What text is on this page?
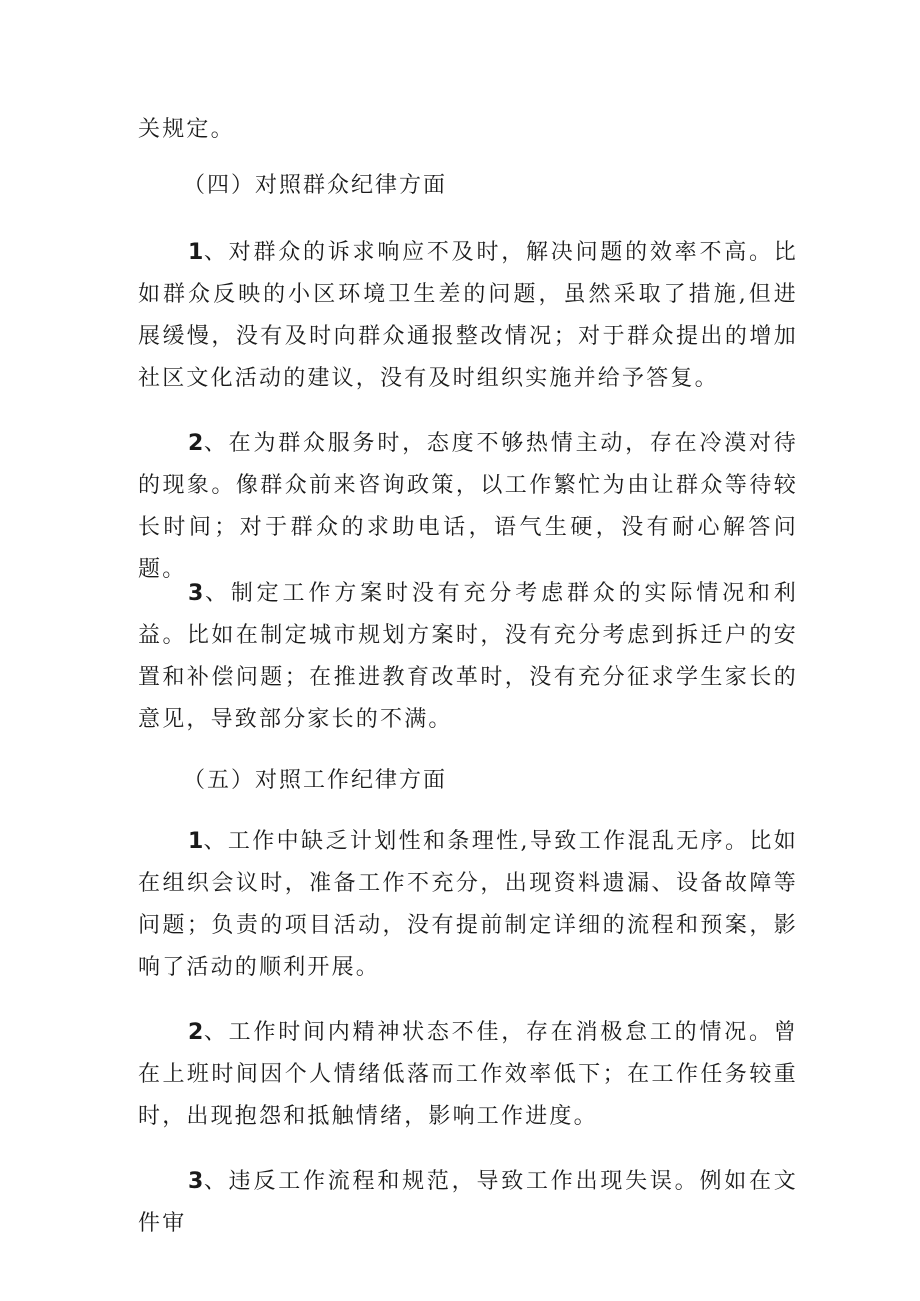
关规定。

（四）对照群众纪律方面

1、对群众的诉求响应不及时，解决问题的效率不高。比如群众反映的小区环境卫生差的问题，虽然采取了措施,但进展缓慢，没有及时向群众通报整改情况；对于群众提出的增加社区文化活动的建议，没有及时组织实施并给予答复。

2、在为群众服务时，态度不够热情主动，存在冷漠对待的现象。像群众前来咨询政策，以工作繁忙为由让群众等待较长时间；对于群众的求助电话，语气生硬，没有耐心解答问题。

3、制定工作方案时没有充分考虑群众的实际情况和利益。比如在制定城市规划方案时，没有充分考虑到拆迁户的安置和补偿问题；在推进教育改革时，没有充分征求学生家长的意见，导致部分家长的不满。

（五）对照工作纪律方面

1、工作中缺乏计划性和条理性,导致工作混乱无序。比如在组织会议时，准备工作不充分，出现资料遗漏、设备故障等问题；负责的项目活动，没有提前制定详细的流程和预案，影响了活动的顺利开展。

2、工作时间内精神状态不佳，存在消极怠工的情况。曾在上班时间因个人情绪低落而工作效率低下；在工作任务较重时，出现抱怨和抵触情绪，影响工作进度。

3、违反工作流程和规范，导致工作出现失误。例如在文件审
